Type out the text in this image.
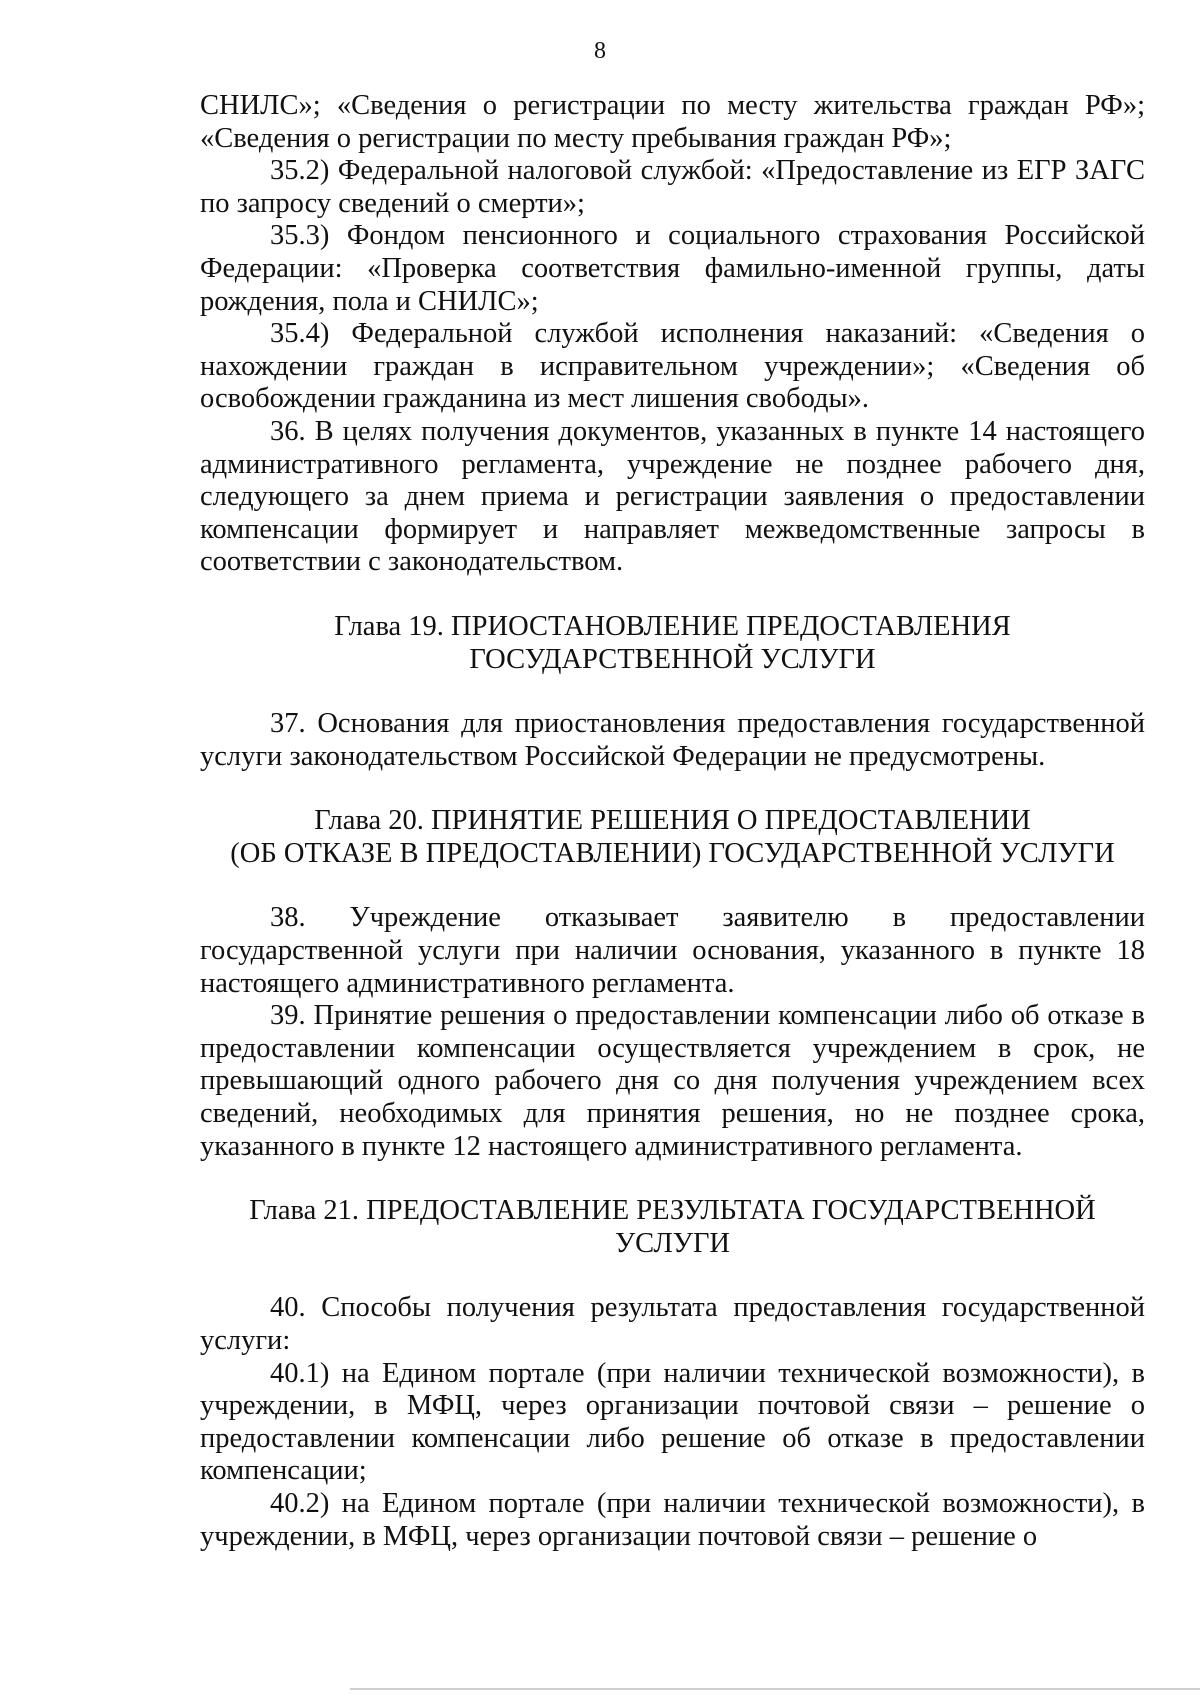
8

СНИЛС»; «Сведения о регистрации по месту жительства граждан РФ»; «Сведения о регистрации по месту пребывания граждан РФ»;

35.2) Федеральной налоговой службой: «Предоставление из ЕГР ЗАГС по запросу сведений о смерти»;

35.3) Фондом пенсионного и социального страхования Российской Федерации: «Проверка соответствия фамильно-именной группы, даты рождения, пола и СНИЛС»;

35.4) Федеральной службой исполнения наказаний: «Сведения о нахождении граждан в исправительном учреждении»; «Сведения об освобождении гражданина из мест лишения свободы».

36. В целях получения документов, указанных в пункте 14 настоящего административного регламента, учреждение не позднее рабочего дня, следующего за днем приема и регистрации заявления о предоставлении компенсации формирует и направляет межведомственные запросы в соответствии с законодательством.

Глава 19. ПРИОСТАНОВЛЕНИЕ ПРЕДОСТАВЛЕНИЯ
ГОСУДАРСТВЕННОЙ УСЛУГИ

37. Основания для приостановления предоставления государственной услуги законодательством Российской Федерации не предусмотрены.

Глава 20. ПРИНЯТИЕ РЕШЕНИЯ О ПРЕДОСТАВЛЕНИИ
(ОБ ОТКАЗЕ В ПРЕДОСТАВЛЕНИИ) ГОСУДАРСТВЕННОЙ УСЛУГИ

38. Учреждение отказывает заявителю в предоставлении государственной услуги при наличии основания, указанного в пункте 18 настоящего административного регламента.

39. Принятие решения о предоставлении компенсации либо об отказе в предоставлении компенсации осуществляется учреждением в срок, не превышающий одного рабочего дня со дня получения учреждением всех сведений, необходимых для принятия решения, но не позднее срока, указанного в пункте 12 настоящего административного регламента.

Глава 21. ПРЕДОСТАВЛЕНИЕ РЕЗУЛЬТАТА ГОСУДАРСТВЕННОЙ
УСЛУГИ

40. Способы получения результата предоставления государственной услуги:

40.1) на Едином портале (при наличии технической возможности), в учреждении, в МФЦ, через организации почтовой связи – решение о предоставлении компенсации либо решение об отказе в предоставлении компенсации;

40.2) на Едином портале (при наличии технической возможности), в учреждении, в МФЦ, через организации почтовой связи – решение о
